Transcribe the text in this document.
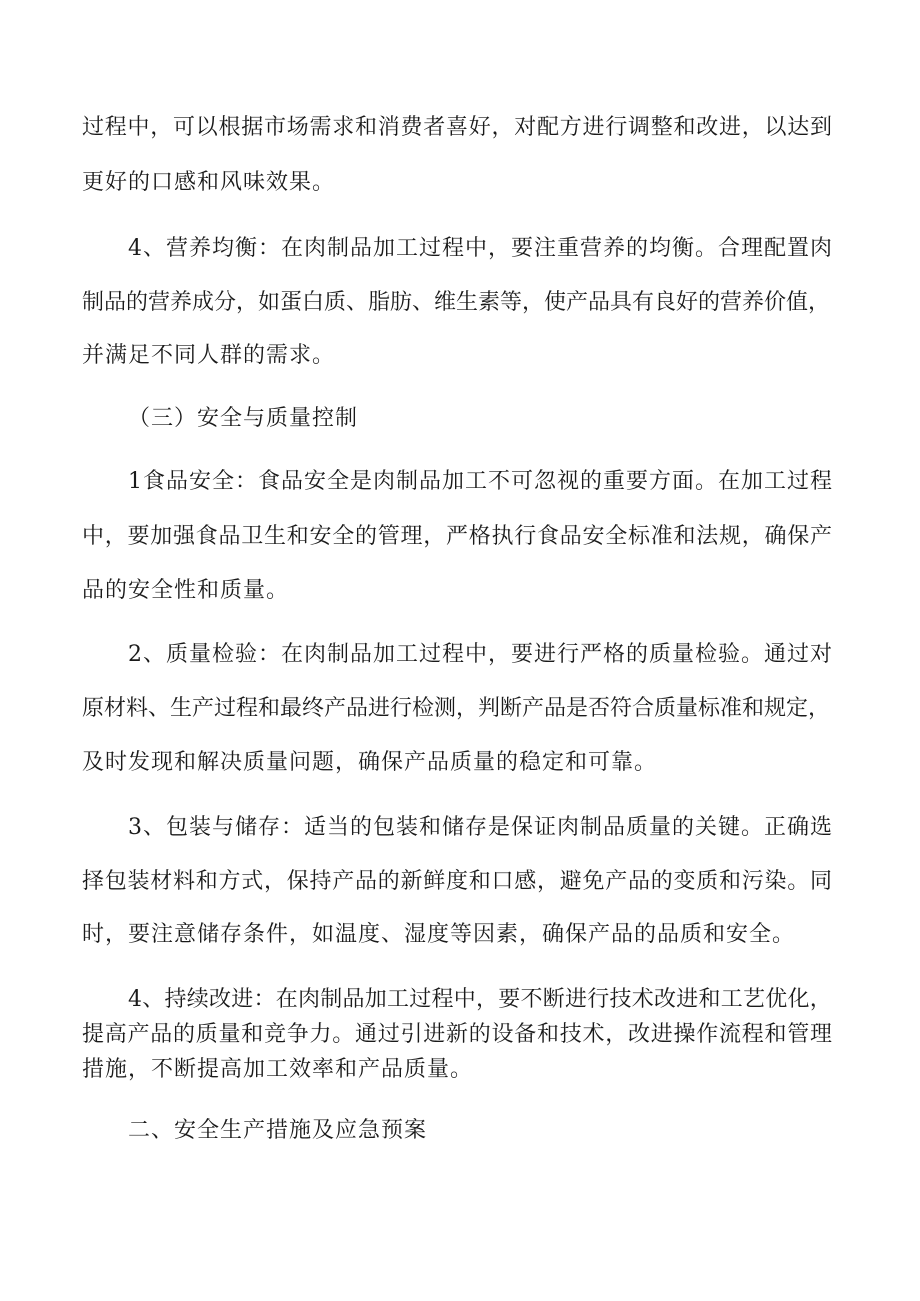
过程中，可以根据市场需求和消费者喜好，对配方进行调整和改进，以达到

更好的口感和风味效果。

4、营养均衡：在肉制品加工过程中，要注重营养的均衡。合理配置肉

制品的营养成分，如蛋白质、脂肪、维生素等，使产品具有良好的营养价值，

并满足不同人群的需求。

（三）安全与质量控制

1食品安全：食品安全是肉制品加工不可忽视的重要方面。在加工过程

中，要加强食品卫生和安全的管理，严格执行食品安全标准和法规，确保产

品的安全性和质量。

2、质量检验：在肉制品加工过程中，要进行严格的质量检验。通过对

原材料、生产过程和最终产品进行检测，判断产品是否符合质量标准和规定，

及时发现和解决质量问题，确保产品质量的稳定和可靠。

3、包装与储存：适当的包装和储存是保证肉制品质量的关键。正确选

择包装材料和方式，保持产品的新鲜度和口感，避免产品的变质和污染。同

时，要注意储存条件，如温度、湿度等因素，确保产品的品质和安全。

4、持续改进：在肉制品加工过程中，要不断进行技术改进和工艺优化，

提高产品的质量和竞争力。通过引进新的设备和技术，改进操作流程和管理

措施，不断提高加工效率和产品质量。

二、安全生产措施及应急预案
